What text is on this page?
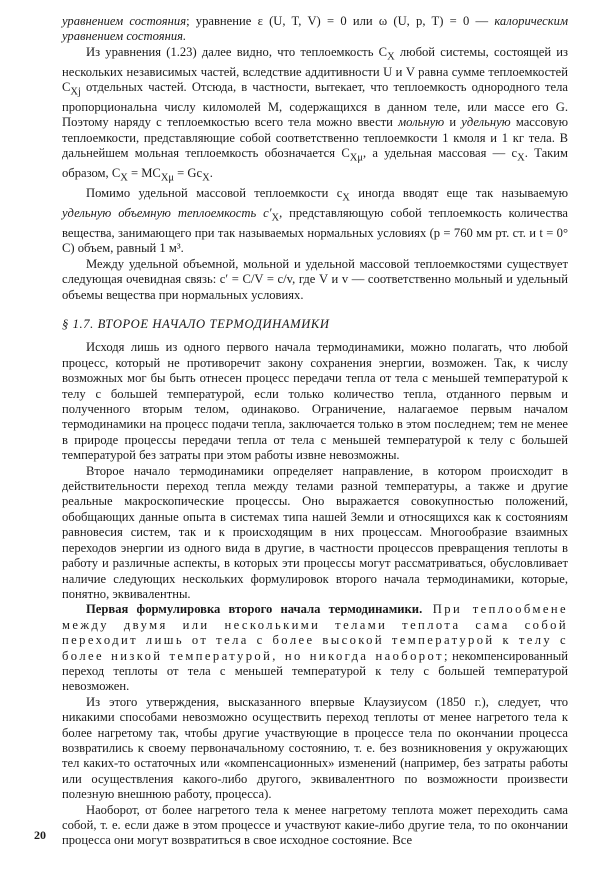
уравнением состояния; уравнение ε (U, T, V) = 0 или ω (U, p, T) = 0 — калорическим уравнением состояния.

Из уравнения (1.23) далее видно, что теплоемкость $C_X$ любой системы, состоящей из нескольких независимых частей, вследствие аддитивности U и V равна сумме теплоемкостей $C_{Xj}$ отдельных частей. Отсюда, в частности, вытекает, что теплоемкость однородного тела пропорциональна числу киломолей M, содержащихся в данном теле, или массе его G. Поэтому наряду с теплоемкостью всего тела можно ввести мольную и удельную массовую теплоемкости, представляющие собой соответственно теплоемкости 1 кмоля и 1 кг тела. В дальнейшем мольная теплоемкость обозначается $C_{X\mu}$, а удельная массовая — $c_X$. Таким образом, $C_X = MC_{X\mu} = Gc_X$.

Помимо удельной массовой теплоемкости $c_X$ иногда вводят еще так называемую удельную объемную теплоемкость $c'_X$, представляющую собой теплоемкость количества вещества, занимающего при так называемых нормальных условиях (p = 760 мм рт. ст. и t = 0° C) объем, равный 1 м³.

Между удельной объемной, мольной и удельной массовой теплоемкостями существует следующая очевидная связь: c′ = C/V = c/v, где V и v — соответственно мольный и удельный объемы вещества при нормальных условиях.

§ 1.7. ВТОРОЕ НАЧАЛО ТЕРМОДИНАМИКИ

Исходя лишь из одного первого начала термодинамики, можно полагать, что любой процесс, который не противоречит закону сохранения энергии, возможен. Так, к числу возможных мог бы быть отнесен процесс передачи тепла от тела с меньшей температурой к телу с большей температурой, если только количество тепла, отданного первым и полученного вторым телом, одинаково. Ограничение, налагаемое первым началом термодинамики на процесс подачи тепла, заключается только в этом последнем; тем не менее в природе процессы передачи тепла от тела с меньшей температурой к телу с большей температурой без затраты при этом работы извне невозможны.

Второе начало термодинамики определяет направление, в котором происходит в действительности переход тепла между телами разной температуры, а также и другие реальные макроскопические процессы. Оно выражается совокупностью положений, обобщающих данные опыта в системах типа нашей Земли и относящихся как к состояниям равновесия систем, так и к происходящим в них процессам. Многообразие взаимных переходов энергии из одного вида в другие, в частности процессов превращения теплоты в работу и различные аспекты, в которых эти процессы могут рассматриваться, обусловливает наличие следующих нескольких формулировок второго начала термодинамики, которые, понятно, эквивалентны.

Первая формулировка второго начала термодинамики. При теплообмене между двумя или несколькими телами теплота сама собой переходит лишь от тела с более высокой температурой к телу с более низкой температурой, но никогда наоборот; некомпенсированный переход теплоты от тела с меньшей температурой к телу с большей температурой невозможен.

Из этого утверждения, высказанного впервые Клаузиусом (1850 г.), следует, что никакими способами невозможно осуществить переход теплоты от менее нагретого тела к более нагретому так, чтобы другие участвующие в процессе тела по окончании процесса возвратились к своему первоначальному состоянию, т. е. без возникновения у окружающих тел каких-то остаточных или «компенсационных» изменений (например, без затраты работы или осуществления какого-либо другого, эквивалентного по возможности произвести полезную внешнюю работу, процесса).

Наоборот, от более нагретого тела к менее нагретому теплота может переходить сама собой, т. е. если даже в этом процессе и участвуют какие-либо другие тела, то по окончании процесса они могут возвратиться в свое исходное состояние. Все

20
